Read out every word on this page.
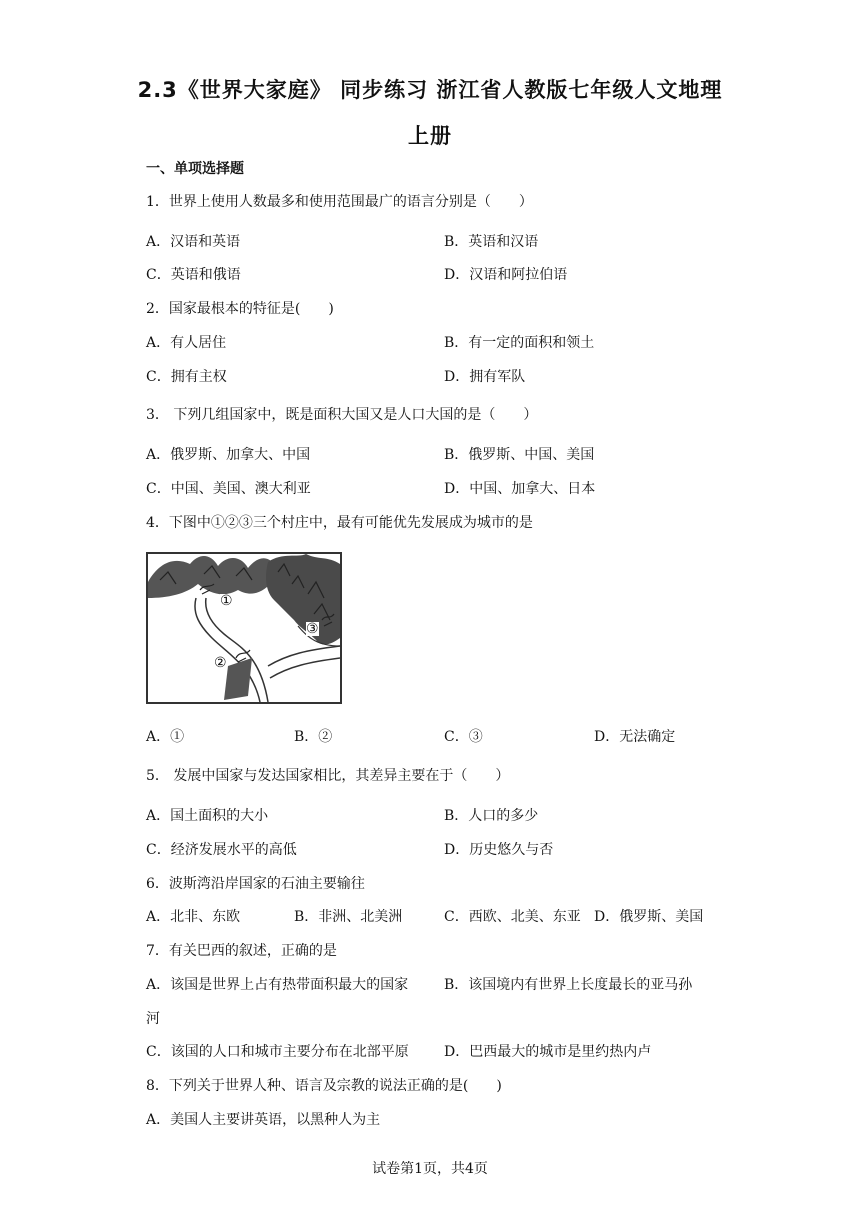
2.3《世界大家庭》 同步练习 浙江省人教版七年级人文地理
上册
一、单项选择题
1．世界上使用人数最多和使用范围最广的语言分别是（　　）
A．汉语和英语	B．英语和汉语
C．英语和俄语	D．汉语和阿拉伯语
2．国家最根本的特征是(　　)
A．有人居住	B．有一定的面积和领土
C．拥有主权	D．拥有军队
3． 下列几组国家中，既是面积大国又是人口大国的是（　　）
A．俄罗斯、加拿大、中国	B．俄罗斯、中国、美国
C．中国、美国、澳大利亚	D．中国、加拿大、日本
4．下图中①②③三个村庄中，最有可能优先发展成为城市的是
①
②
③
A．①	B．②	C．③	D．无法确定
5． 发展中国家与发达国家相比，其差异主要在于（　　）
A．国土面积的大小	B．人口的多少
C．经济发展水平的高低	D．历史悠久与否
6．波斯湾沿岸国家的石油主要输往
A．北非、东欧	B．非洲、北美洲	C．西欧、北美、东亚 D．俄罗斯、美国
7．有关巴西的叙述，正确的是
A．该国是世界上占有热带面积最大的国家	B．该国境内有世界上长度最长的亚马孙
河
C．该国的人口和城市主要分布在北部平原	D．巴西最大的城市是里约热内卢
8．下列关于世界人种、语言及宗教的说法正确的是(　　)
A．美国人主要讲英语，以黑种人为主
试卷第1页，共4页
